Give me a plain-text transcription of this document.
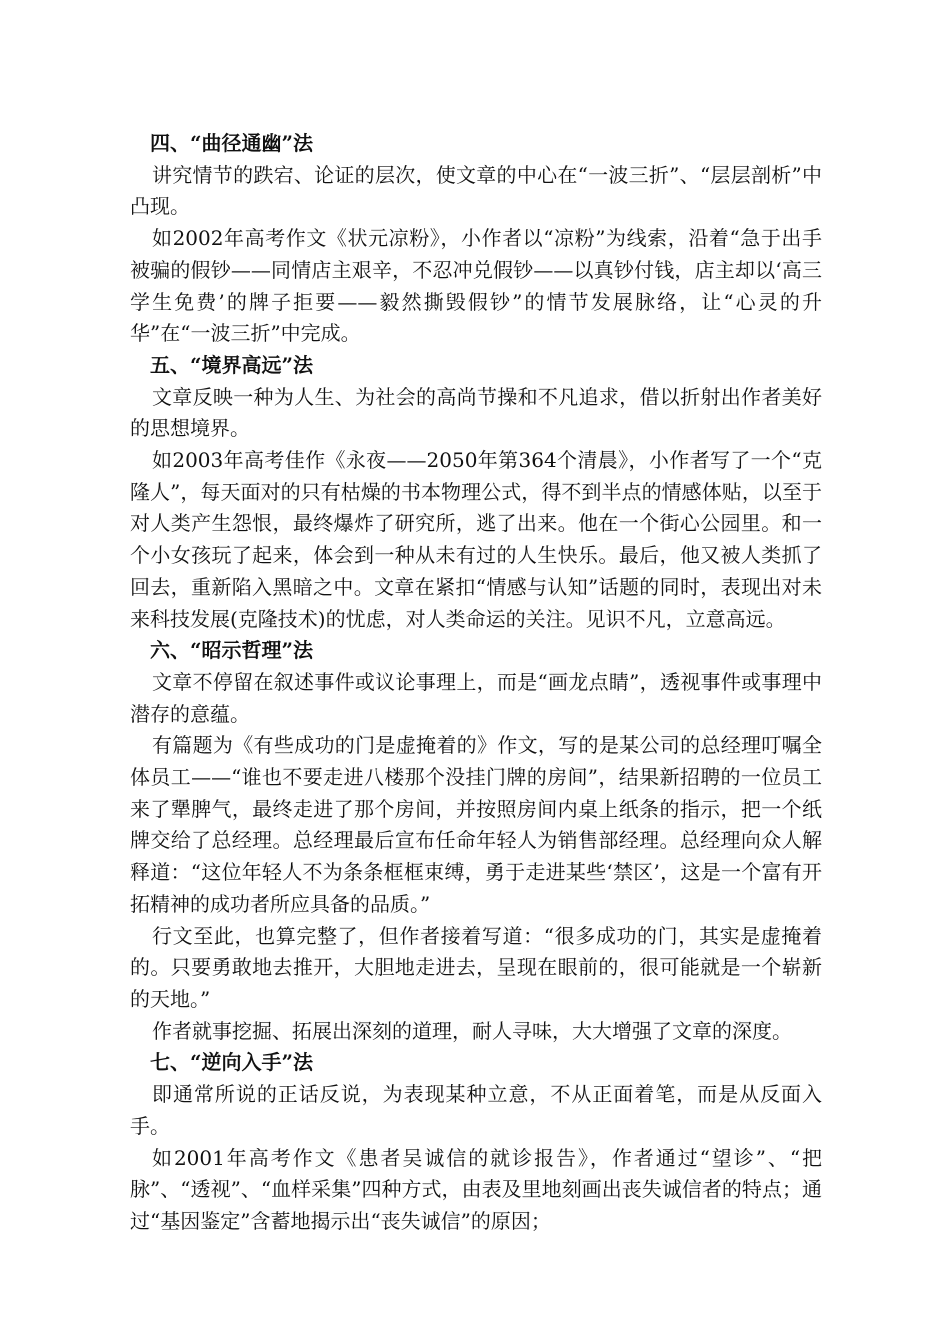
四、“曲径通幽”法

讲究情节的跌宕、论证的层次，使文章的中心在“一波三折”、“层层剖析”中凸现。

如2002年高考作文《状元凉粉》，小作者以“凉粉”为线索，沿着“急于出手被骗的假钞——同情店主艰辛，不忍冲兑假钞——以真钞付钱，店主却以‘高三学生免费’的牌子拒要——毅然撕毁假钞”的情节发展脉络，让“心灵的升华”在“一波三折”中完成。

五、“境界高远”法

文章反映一种为人生、为社会的高尚节操和不凡追求，借以折射出作者美好的思想境界。

如2003年高考佳作《永夜——2050年第364个清晨》，小作者写了一个“克隆人”，每天面对的只有枯燥的书本物理公式，得不到半点的情感体贴，以至于对人类产生怨恨，最终爆炸了研究所，逃了出来。他在一个街心公园里。和一个小女孩玩了起来，体会到一种从未有过的人生快乐。最后，他又被人类抓了回去，重新陷入黑暗之中。文章在紧扣“情感与认知”话题的同时，表现出对未来科技发展(克隆技术)的忧虑，对人类命运的关注。见识不凡，立意高远。

六、“昭示哲理”法

文章不停留在叙述事件或议论事理上，而是“画龙点睛”，透视事件或事理中潜存的意蕴。

有篇题为《有些成功的门是虚掩着的》作文，写的是某公司的总经理叮嘱全体员工——“谁也不要走进八楼那个没挂门牌的房间”，结果新招聘的一位员工来了犟脾气，最终走进了那个房间，并按照房间内桌上纸条的指示，把一个纸牌交给了总经理。总经理最后宣布任命年轻人为销售部经理。总经理向众人解释道：“这位年轻人不为条条框框束缚，勇于走进某些‘禁区’，这是一个富有开拓精神的成功者所应具备的品质。”

行文至此，也算完整了，但作者接着写道：“很多成功的门，其实是虚掩着的。只要勇敢地去推开，大胆地走进去，呈现在眼前的，很可能就是一个崭新的天地。”

作者就事挖掘、拓展出深刻的道理，耐人寻味，大大增强了文章的深度。

七、“逆向入手”法

即通常所说的正话反说，为表现某种立意，不从正面着笔，而是从反面入手。

如2001年高考作文《患者吴诚信的就诊报告》，作者通过“望诊”、“把脉”、“透视”、“血样采集”四种方式，由表及里地刻画出丧失诚信者的特点；通过“基因鉴定”含蓄地揭示出“丧失诚信”的原因；
